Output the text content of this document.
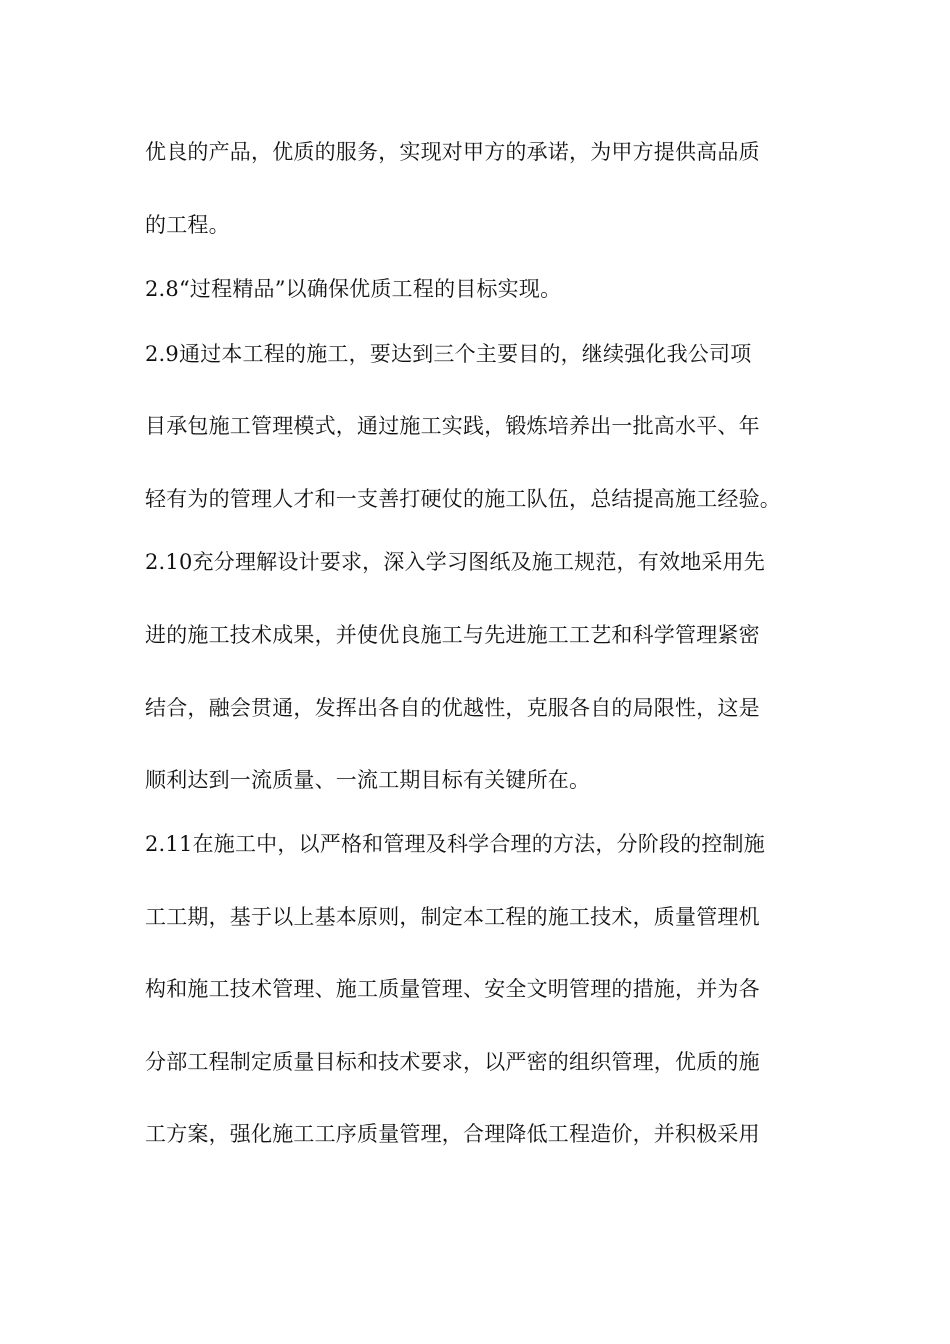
优良的产品，优质的服务，实现对甲方的承诺，为甲方提供高品质
的工程。
2.8“过程精品”以确保优质工程的目标实现。
2.9通过本工程的施工，要达到三个主要目的，继续强化我公司项
目承包施工管理模式，通过施工实践，锻炼培养出一批高水平、年
轻有为的管理人才和一支善打硬仗的施工队伍，总结提高施工经验。
2.10充分理解设计要求，深入学习图纸及施工规范，有效地采用先
进的施工技术成果，并使优良施工与先进施工工艺和科学管理紧密
结合，融会贯通，发挥出各自的优越性，克服各自的局限性，这是
顺利达到一流质量、一流工期目标有关键所在。
2.11在施工中，以严格和管理及科学合理的方法，分阶段的控制施
工工期，基于以上基本原则，制定本工程的施工技术，质量管理机
构和施工技术管理、施工质量管理、安全文明管理的措施，并为各
分部工程制定质量目标和技术要求，以严密的组织管理，优质的施
工方案，强化施工工序质量管理，合理降低工程造价，并积极采用
